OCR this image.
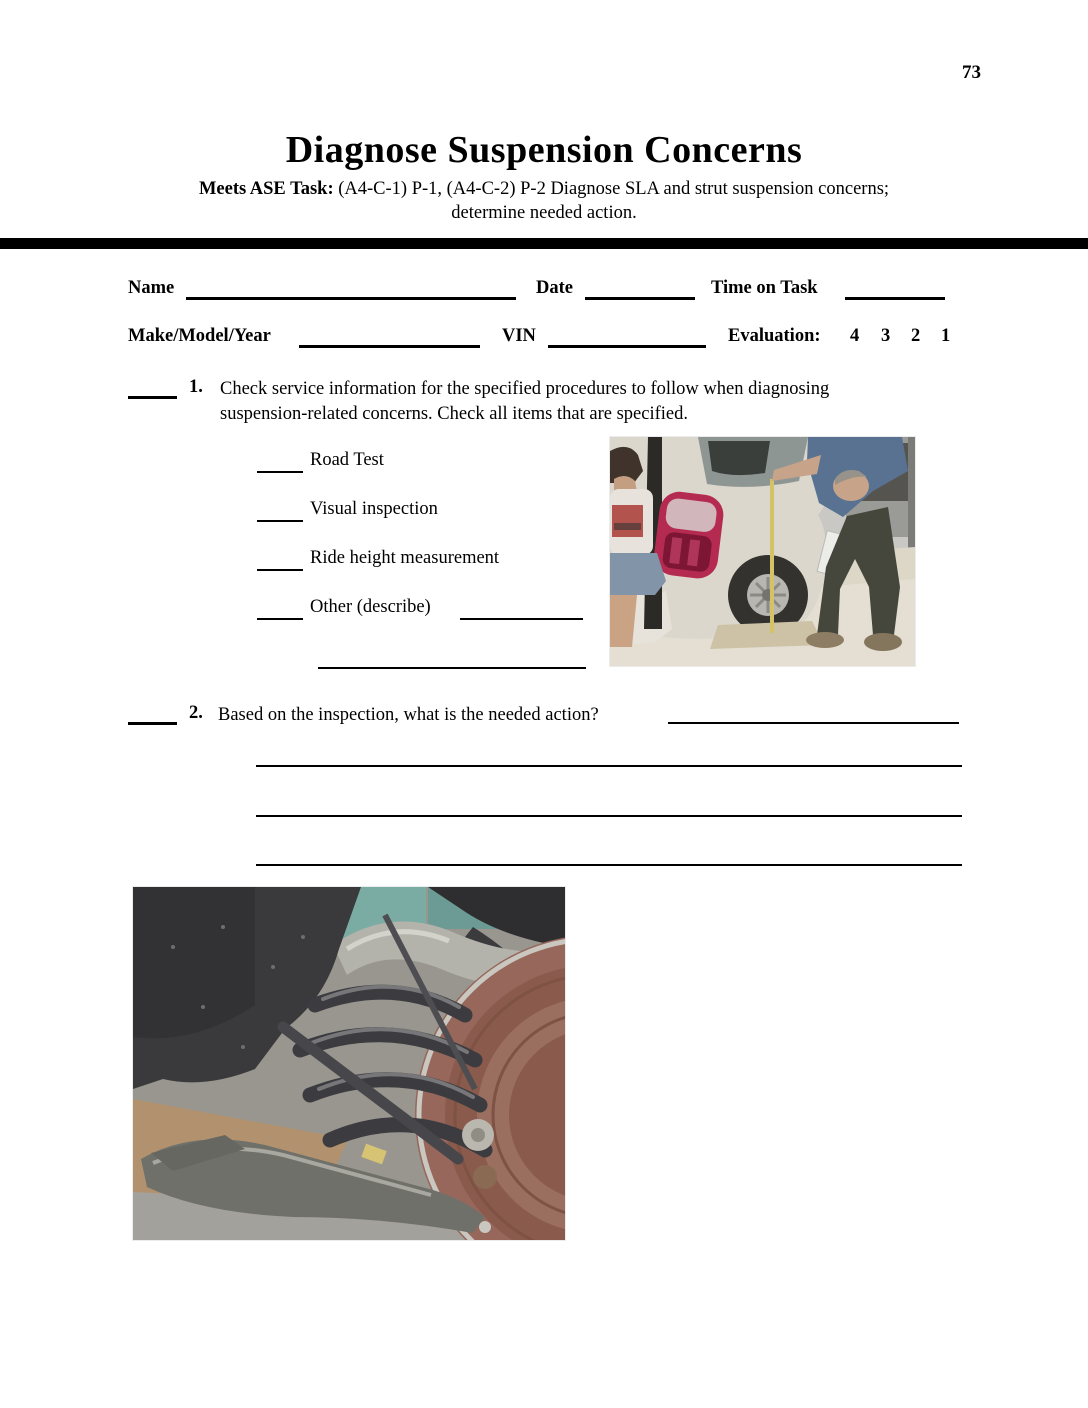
73
Diagnose Suspension Concerns
Meets ASE Task: (A4-C-1) P-1, (A4-C-2) P-2 Diagnose SLA and strut suspension concerns;
determine needed action.
Name	Date	Time on Task
Make/Model/Year	VIN	Evaluation: 4 3 2 1
1. Check service information for the specified procedures to follow when diagnosing
suspension-related concerns. Check all items that are specified.
Road Test
Visual inspection
Ride height measurement
Other (describe)
2. Based on the inspection, what is the needed action?
